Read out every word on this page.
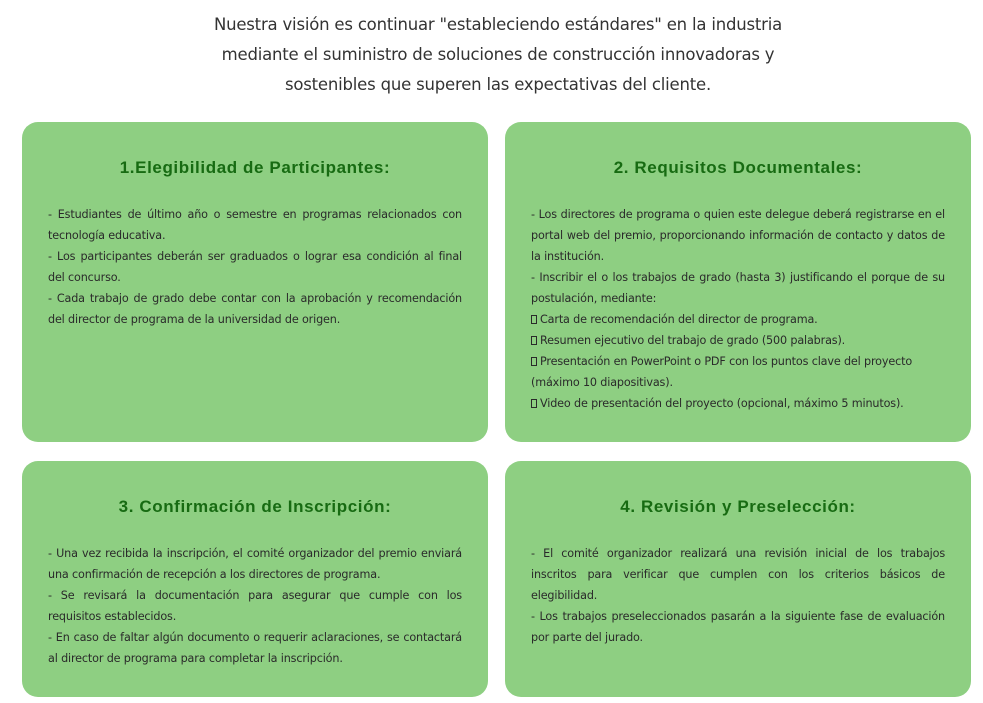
Nuestra visión es continuar "estableciendo estándares" en la industria
mediante el suministro de soluciones de construcción innovadoras y
sostenibles que superen las expectativas del cliente.
1.Elegibilidad de Participantes:

- Estudiantes de último año o semestre en programas relacionados con tecnología educativa.

- Los participantes deberán ser graduados o lograr esa condición al final del concurso.

- Cada trabajo de grado debe contar con la aprobación y recomendación del director de programa de la universidad de origen.

2. Requisitos Documentales:

- Los directores de programa o quien este delegue deberá registrarse en el portal web del premio, proporcionando información de contacto y datos de la institución.

- Inscribir el o los trabajos de grado (hasta 3) justificando el porque de su postulación, mediante:

Carta de recomendación del director de programa.

Resumen ejecutivo del trabajo de grado (500 palabras).

Presentación en PowerPoint o PDF con los puntos clave del proyecto (máximo 10 diapositivas).

Video de presentación del proyecto (opcional, máximo 5 minutos).

3. Confirmación de Inscripción:

- Una vez recibida la inscripción, el comité organizador del premio enviará una confirmación de recepción a los directores de programa.

- Se revisará la documentación para asegurar que cumple con los requisitos establecidos.

- En caso de faltar algún documento o requerir aclaraciones, se contactará al director de programa para completar la inscripción.

4. Revisión y Preselección:

- El comité organizador realizará una revisión inicial de los trabajos inscritos para verificar que cumplen con los criterios básicos de elegibilidad.

- Los trabajos preseleccionados pasarán a la siguiente fase de evaluación por parte del jurado.
